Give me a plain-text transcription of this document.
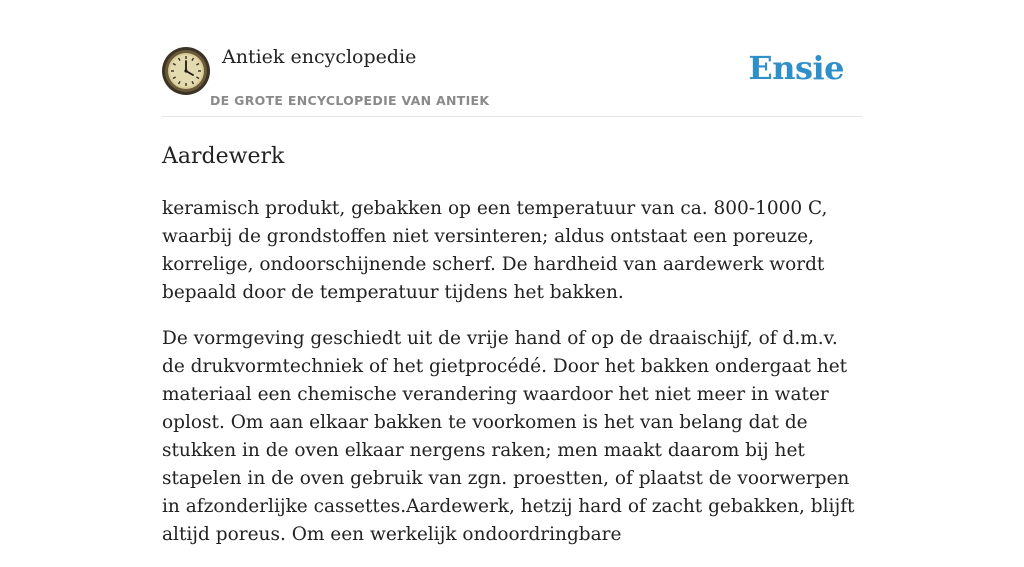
Antiek encyclopedie
DE GROTE ENCYCLOPEDIE VAN ANTIEK
Ensie
Aardewerk

keramisch produkt, gebakken op een temperatuur van ca. 800-1000 C, waarbij de grondstoffen niet versinteren; aldus ontstaat een poreuze, korrelige, ondoorschijnende scherf. De hardheid van aardewerk wordt bepaald door de temperatuur tijdens het bakken.

De vormgeving geschiedt uit de vrije hand of op de draaischijf, of d.m.v. de drukvormtechniek of het gietprocédé. Door het bakken ondergaat het materiaal een chemische verandering waardoor het niet meer in water oplost. Om aan elkaar bakken te voorkomen is het van belang dat de stukken in de oven elkaar nergens raken; men maakt daarom bij het stapelen in de oven gebruik van zgn. proestten, of plaatst de voorwerpen in afzonderlijke cassettes.Aardewerk, hetzij hard of zacht gebakken, blijft altijd poreus. Om een werkelijk ondoordringbare
